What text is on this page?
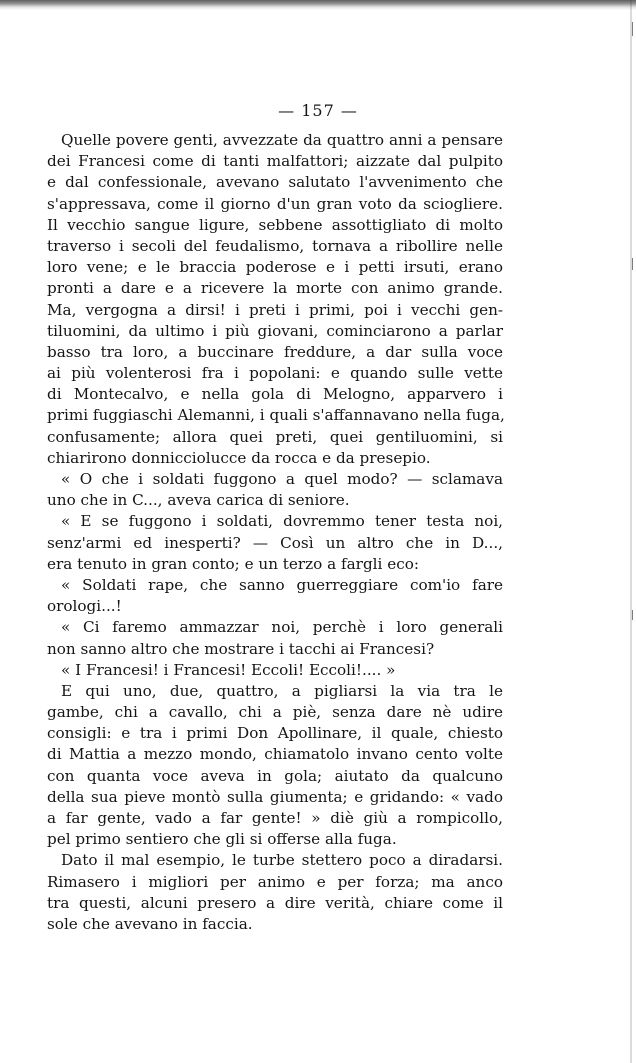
— 157 —
Quelle povere genti, avvezzate da quattro anni a pensare
dei Francesi come di tanti malfattori; aizzate dal pulpito
e dal confessionale, avevano salutato l'avvenimento che
s'appressava, come il giorno d'un gran voto da sciogliere.
Il vecchio sangue ligure, sebbene assottigliato di molto
traverso i secoli del feudalismo, tornava a ribollire nelle
loro vene; e le braccia poderose e i petti irsuti, erano
pronti a dare e a ricevere la morte con animo grande.
Ma, vergogna a dirsi! i preti i primi, poi i vecchi gen-
tiluomini, da ultimo i più giovani, cominciarono a parlar
basso tra loro, a buccinare freddure, a dar sulla voce
ai più volenterosi fra i popolani: e quando sulle vette
di Montecalvo, e nella gola di Melogno, apparvero i
primi fuggiaschi Alemanni, i quali s'affannavano nella fuga,
confusamente; allora quei preti, quei gentiluomini, si
chiarirono donnicciolucce da rocca e da presepio.
« O che i soldati fuggono a quel modo? — sclamava
uno che in C..., aveva carica di seniore.
« E se fuggono i soldati, dovremmo tener testa noi,
senz'armi ed inesperti? — Così un altro che in D...,
era tenuto in gran conto; e un terzo a fargli eco:
« Soldati rape, che sanno guerreggiare com'io fare
orologi...!
« Ci faremo ammazzar noi, perchè i loro generali
non sanno altro che mostrare i tacchi ai Francesi?
« I Francesi! i Francesi! Eccoli! Eccoli!.... »
E qui uno, due, quattro, a pigliarsi la via tra le
gambe, chi a cavallo, chi a piè, senza dare nè udire
consigli: e tra i primi Don Apollinare, il quale, chiesto
di Mattia a mezzo mondo, chiamatolo invano cento volte
con quanta voce aveva in gola; aiutato da qualcuno
della sua pieve montò sulla giumenta; e gridando: « vado
a far gente, vado a far gente! » diè giù a rompicollo,
pel primo sentiero che gli si offerse alla fuga.
Dato il mal esempio, le turbe stettero poco a diradarsi.
Rimasero i migliori per animo e per forza; ma anco
tra questi, alcuni presero a dire verità, chiare come il
sole che avevano in faccia.
